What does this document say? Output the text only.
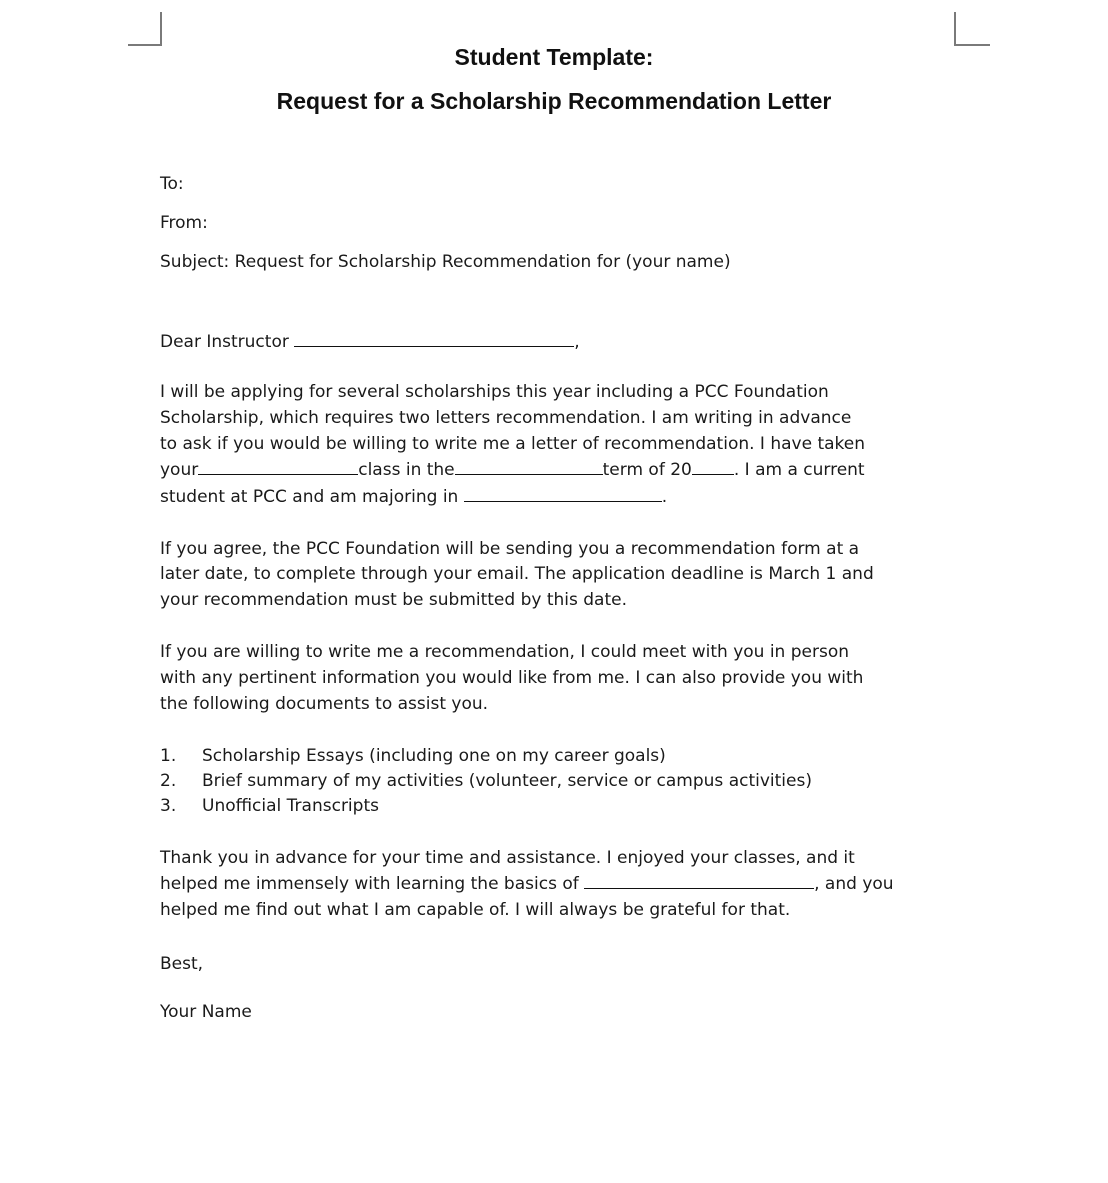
Student Template:
Request for a Scholarship Recommendation Letter
To:
From:
Subject: Request for Scholarship Recommendation for (your name)
Dear Instructor	,
I will be applying for several scholarships this year including a PCC Foundation
Scholarship, which requires two letters recommendation. I am writing in advance
to ask if you would be willing to write me a letter of recommendation. I have taken
your	class in the	term of 20 . I am a current
student at PCC and am majoring in	.
If you agree, the PCC Foundation will be sending you a recommendation form at a
later date, to complete through your email. The application deadline is March 1 and
your recommendation must be submitted by this date.
If you are willing to write me a recommendation, I could meet with you in person
with any pertinent information you would like from me. I can also provide you with
the following documents to assist you.
1. Scholarship Essays (including one on my career goals)
2. Brief summary of my activities (volunteer, service or campus activities)
3. Unofficial Transcripts
Thank you in advance for your time and assistance. I enjoyed your classes, and it
helped me immensely with learning the basics of	, and you
helped me find out what I am capable of. I will always be grateful for that.
Best,
Your Name
